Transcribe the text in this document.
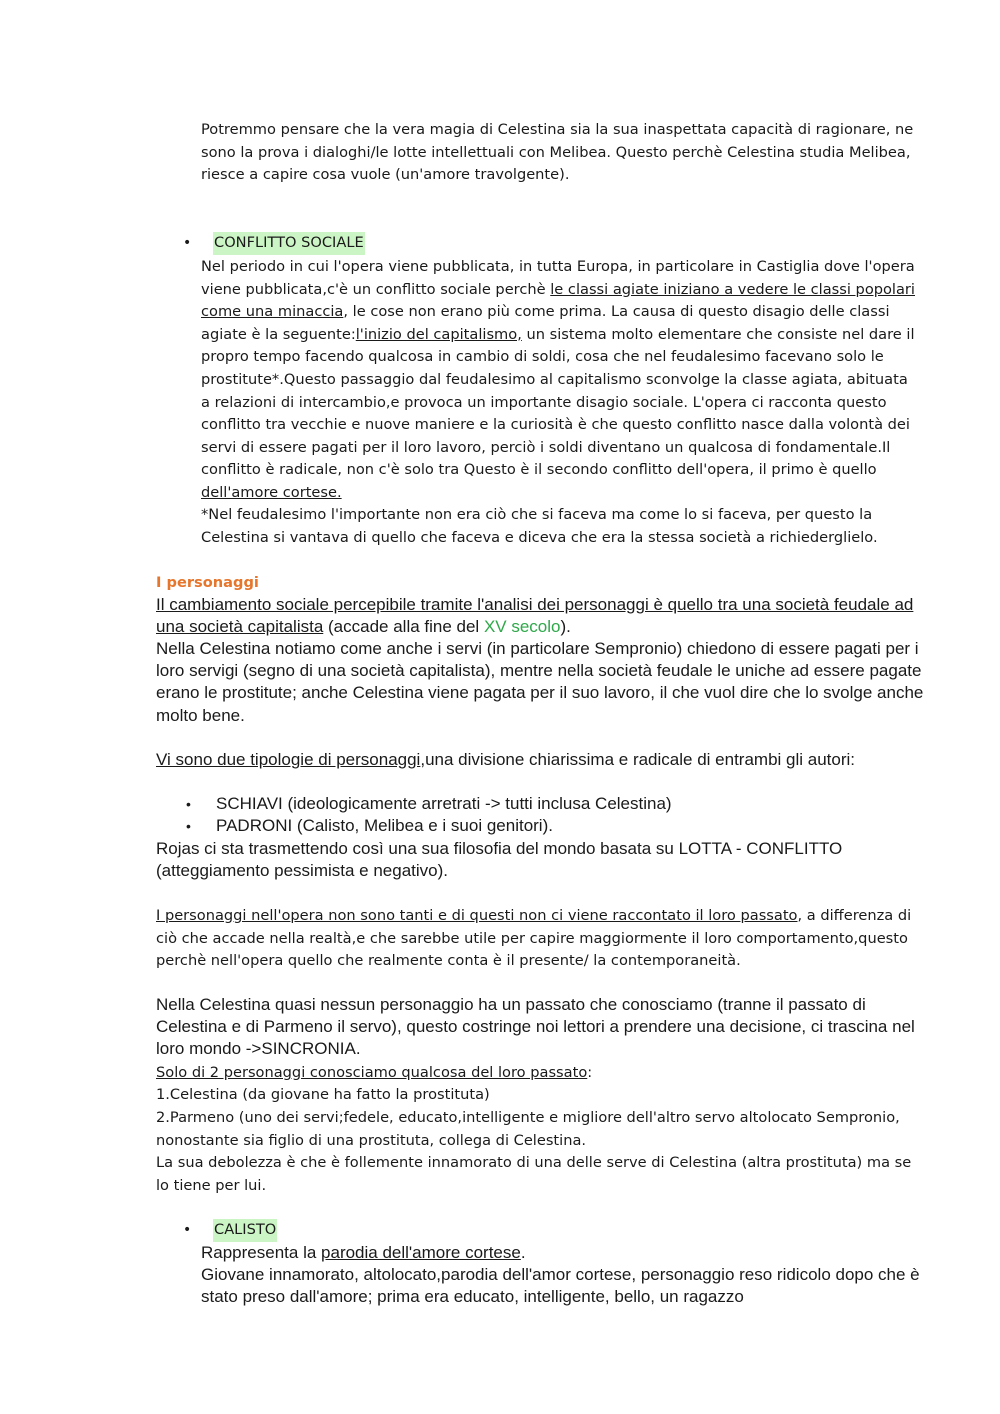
Potremmo pensare che la vera magia di Celestina sia la sua inaspettata capacità di ragionare, ne sono la prova i dialoghi/le lotte intellettuali con Melibea. Questo perchè Celestina studia Melibea, riesce a capire cosa vuole (un'amore travolgente).

•	CONFLITTO SOCIALE

Nel periodo in cui l'opera viene pubblicata, in tutta Europa, in particolare in Castiglia dove l'opera viene pubblicata,c'è un conflitto sociale perchè le classi agiate iniziano a vedere le classi popolari come una minaccia, le cose non erano più come prima. La causa di questo disagio delle classi agiate è la seguente:l'inizio del capitalismo, un sistema molto elementare che consiste nel dare il propro tempo facendo qualcosa in cambio di soldi, cosa che nel feudalesimo facevano solo le prostitute*.Questo passaggio dal feudalesimo al capitalismo sconvolge la classe agiata, abituata a relazioni di intercambio,e provoca un importante disagio sociale. L'opera ci racconta questo conflitto tra vecchie e nuove maniere e la curiosità è che questo conflitto nasce dalla volontà dei servi di essere pagati per il loro lavoro, perciò i soldi diventano un qualcosa di fondamentale.Il conflitto è radicale, non c'è solo tra Questo è il secondo conflitto dell'opera, il primo è quello dell'amore cortese.

*Nel feudalesimo l'importante non era ciò che si faceva ma come lo si faceva, per questo la Celestina si vantava di quello che faceva e diceva che era la stessa società a richiederglielo.

I personaggi

Il cambiamento sociale percepibile tramite l'analisi dei personaggi è quello tra una società feudale ad una società capitalista (accade alla fine del XV secolo).

Nella Celestina notiamo come anche i servi (in particolare Sempronio) chiedono di essere pagati per i loro servigi (segno di una società capitalista), mentre nella società feudale le uniche ad essere pagate erano le prostitute; anche Celestina viene pagata per il suo lavoro, il che vuol dire che lo svolge anche molto bene.

Vi sono due tipologie di personaggi,una divisione chiarissima e radicale di entrambi gli autori:

•	SCHIAVI (ideologicamente arretrati -> tutti inclusa Celestina)
•	PADRONI (Calisto, Melibea e i suoi genitori).

Rojas ci sta trasmettendo così una sua filosofia del mondo basata su LOTTA - CONFLITTO (atteggiamento pessimista e negativo).

I personaggi nell'opera non sono tanti e di questi non ci viene raccontato il loro passato, a differenza di ciò che accade nella realtà,e che sarebbe utile per capire maggiormente il loro comportamento,questo perchè nell'opera quello che realmente conta è il presente/ la contemporaneità.

Nella Celestina quasi nessun personaggio ha un passato che conosciamo (tranne il passato di Celestina e di Parmeno il servo), questo costringe noi lettori a prendere una decisione, ci trascina nel loro mondo ->SINCRONIA.

Solo di 2 personaggi conosciamo qualcosa del loro passato:

1.Celestina (da giovane ha fatto la prostituta)

2.Parmeno (uno dei servi;fedele, educato,intelligente e migliore dell'altro servo altolocato Sempronio, nonostante sia figlio di una prostituta, collega di Celestina.

La sua debolezza è che è follemente innamorato di una delle serve di Celestina (altra prostituta) ma se lo tiene per lui.

•	CALISTO

Rappresenta la parodia dell'amore cortese.

Giovane innamorato, altolocato,parodia dell'amor cortese, personaggio reso ridicolo dopo che è stato preso dall'amore; prima era educato, intelligente, bello, un ragazzo
